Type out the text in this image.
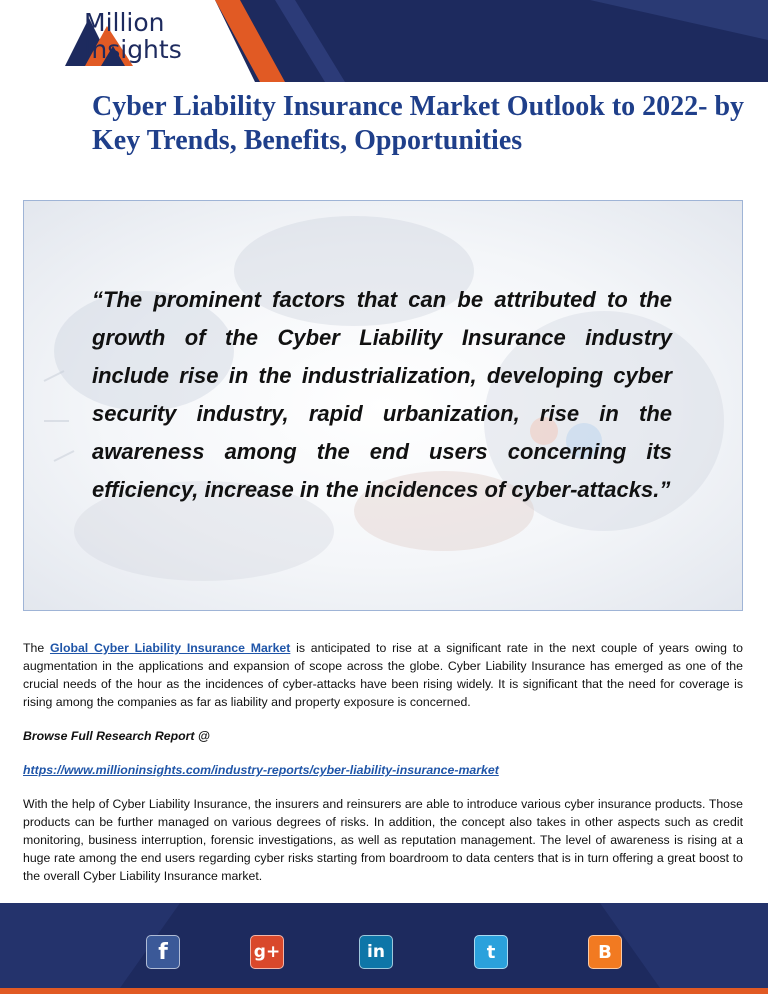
Million
Insights
Cyber Liability Insurance Market Outlook to 2022- by Key Trends, Benefits, Opportunities

“The prominent factors that can be attributed to the growth of the Cyber Liability Insurance industry include rise in the industrialization, developing cyber security industry, rapid urbanization, rise in the awareness among the end users concerning its efficiency, increase in the incidences of cyber-attacks.”

The Global Cyber Liability Insurance Market is anticipated to rise at a significant rate in the next couple of years owing to augmentation in the applications and expansion of scope across the globe. Cyber Liability Insurance has emerged as one of the crucial needs of the hour as the incidences of cyber-attacks have been rising widely. It is significant that the need for coverage is rising among the companies as far as liability and property exposure is concerned.

Browse Full Research Report @

https://www.millioninsights.com/industry-reports/cyber-liability-insurance-market

With the help of Cyber Liability Insurance, the insurers and reinsurers are able to introduce various cyber insurance products. Those products can be further managed on various degrees of risks. In addition, the concept also takes in other aspects such as credit monitoring, business interruption, forensic investigations, as well as reputation management. The level of awareness is rising at a huge rate among the end users regarding cyber risks starting from boardroom to data centers that is in turn offering a great boost to the overall Cyber Liability Insurance market.

f	g+	in	t	B
